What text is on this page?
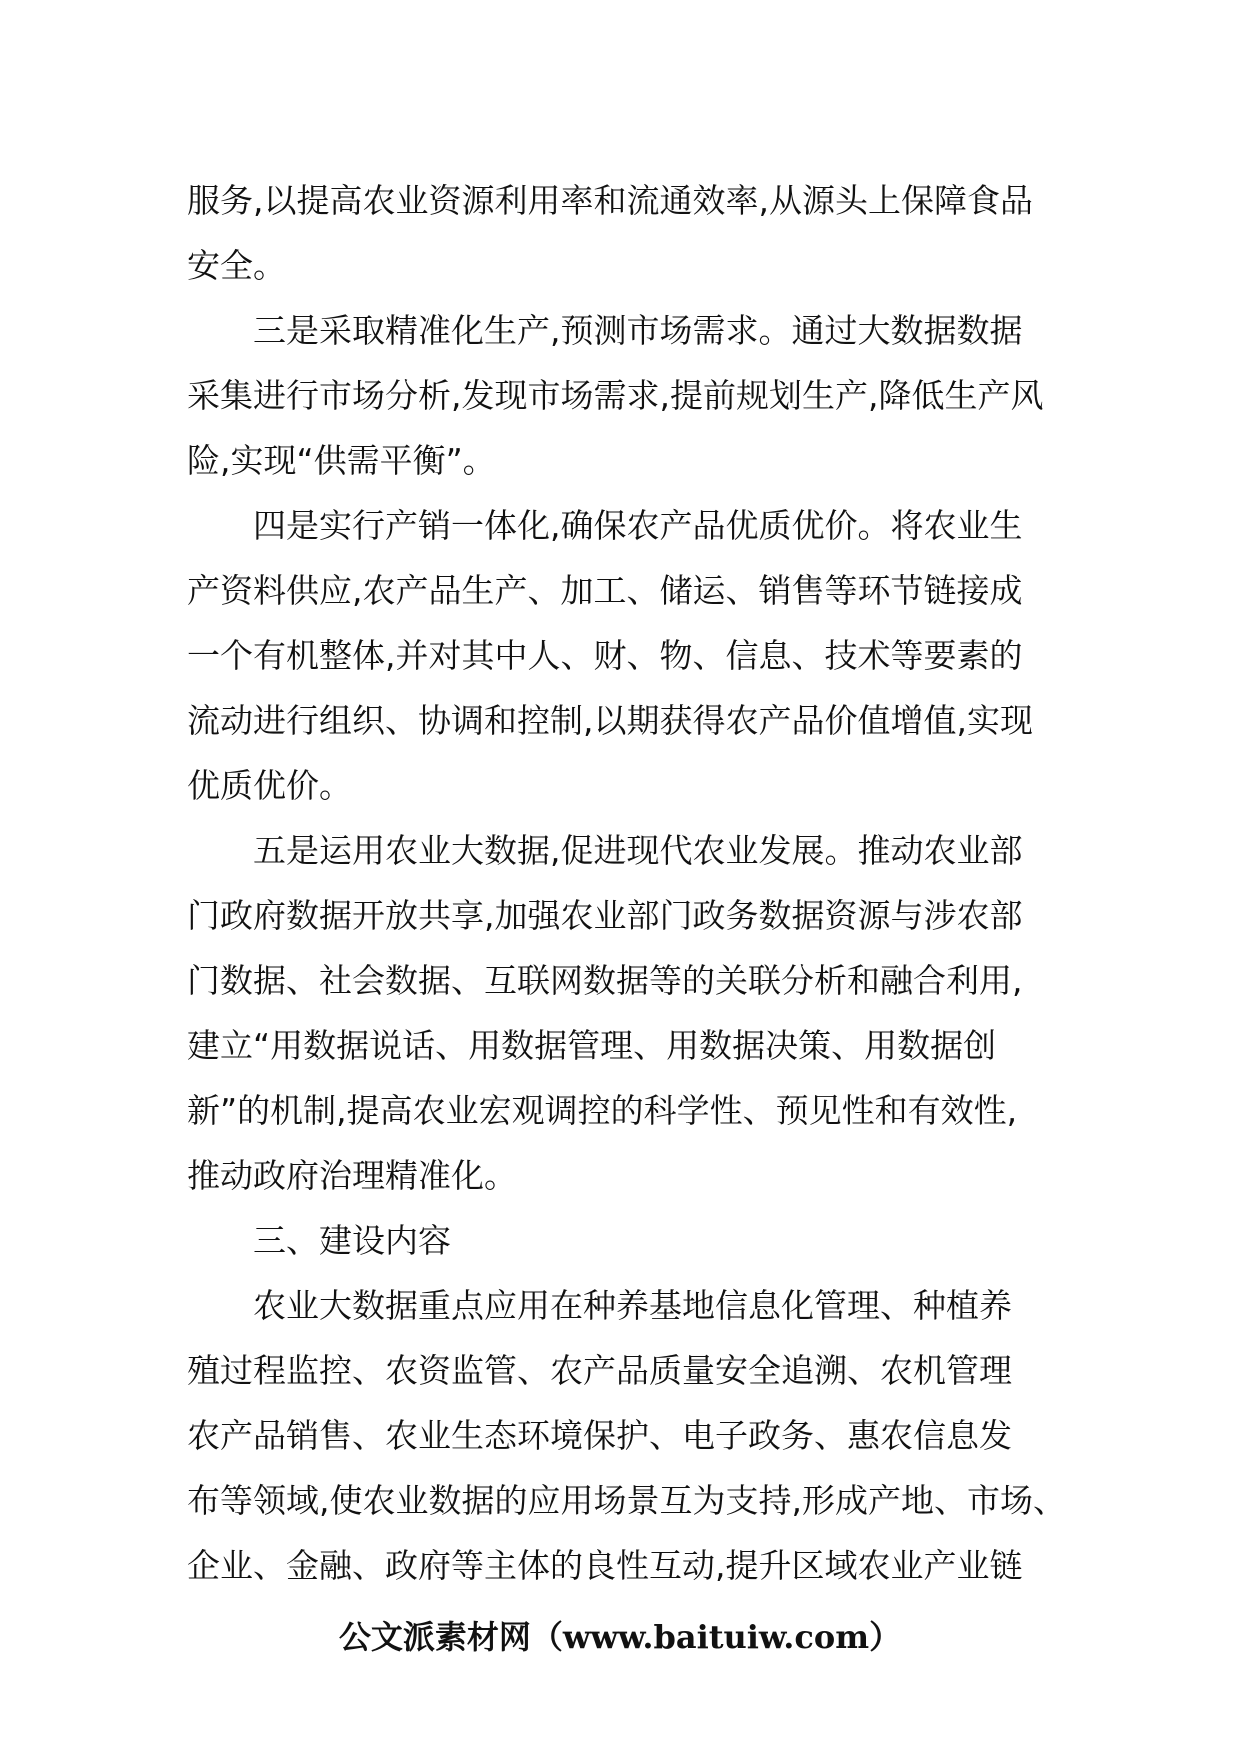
服务,以提高农业资源利用率和流通效率,从源头上保障食品
安全。
三是采取精准化生产,预测市场需求。通过大数据数据
采集进行市场分析,发现市场需求,提前规划生产,降低生产风
险,实现“供需平衡”。
四是实行产销一体化,确保农产品优质优价。将农业生
产资料供应,农产品生产、加工、储运、销售等环节链接成
一个有机整体,并对其中人、财、物、信息、技术等要素的
流动进行组织、协调和控制,以期获得农产品价值增值,实现
优质优价。
五是运用农业大数据,促进现代农业发展。推动农业部
门政府数据开放共享,加强农业部门政务数据资源与涉农部
门数据、社会数据、互联网数据等的关联分析和融合利用,
建立“用数据说话、用数据管理、用数据决策、用数据创
新”的机制,提高农业宏观调控的科学性、预见性和有效性,
推动政府治理精准化。
三、建设内容
农业大数据重点应用在种养基地信息化管理、种植养
殖过程监控、农资监管、农产品质量安全追溯、农机管理
农产品销售、农业生态环境保护、电子政务、惠农信息发
布等领域,使农业数据的应用场景互为支持,形成产地、市场、
企业、金融、政府等主体的良性互动,提升区域农业产业链
公文派素材网（www.baituiw.com）
